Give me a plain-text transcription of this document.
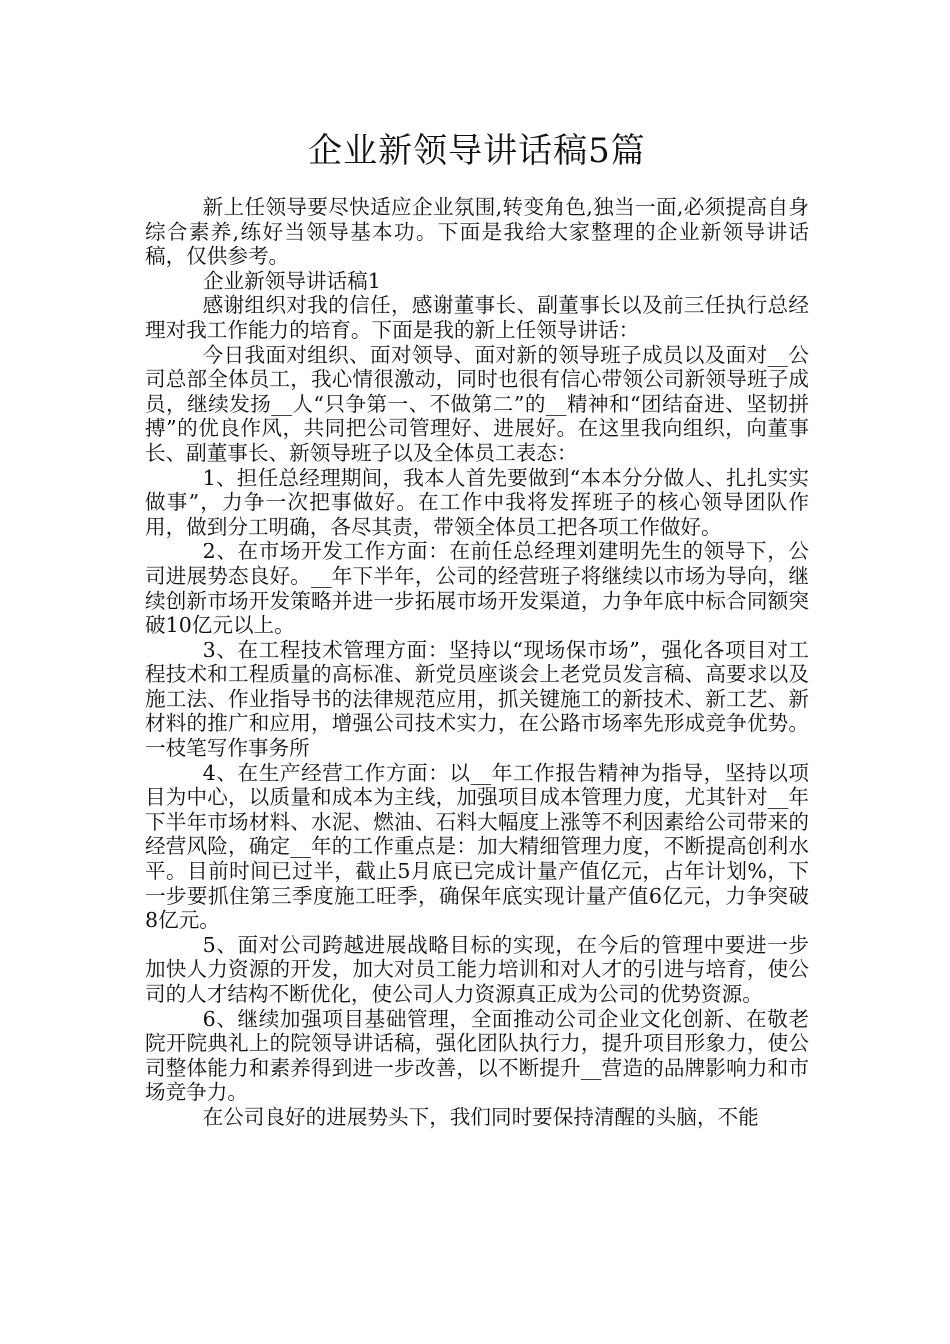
企业新领导讲话稿5篇

新上任领导要尽快适应企业氛围,转变角色,独当一面,必须提高自身综合素养,练好当领导基本功。下面是我给大家整理的企业新领导讲话稿，仅供参考。

企业新领导讲话稿1

感谢组织对我的信任，感谢董事长、副董事长以及前三任执行总经理对我工作能力的培育。下面是我的新上任领导讲话：

今日我面对组织、面对领导、面对新的领导班子成员以及面对__公司总部全体员工，我心情很激动，同时也很有信心带领公司新领导班子成员，继续发扬__人“只争第一、不做第二”的__精神和“团结奋进、坚韧拼搏”的优良作风，共同把公司管理好、进展好。在这里我向组织，向董事长、副董事长、新领导班子以及全体员工表态：

1、担任总经理期间，我本人首先要做到“本本分分做人、扎扎实实做事”，力争一次把事做好。在工作中我将发挥班子的核心领导团队作用，做到分工明确，各尽其责，带领全体员工把各项工作做好。

2、在市场开发工作方面：在前任总经理刘建明先生的领导下，公司进展势态良好。__年下半年，公司的经营班子将继续以市场为导向，继续创新市场开发策略并进一步拓展市场开发渠道，力争年底中标合同额突破10亿元以上。

3、在工程技术管理方面：坚持以“现场保市场”，强化各项目对工程技术和工程质量的高标准、新党员座谈会上老党员发言稿、高要求以及施工法、作业指导书的法律规范应用，抓关键施工的新技术、新工艺、新材料的推广和应用，增强公司技术实力，在公路市场率先形成竞争优势。一枝笔写作事务所

4、在生产经营工作方面：以__年工作报告精神为指导，坚持以项目为中心，以质量和成本为主线，加强项目成本管理力度，尤其针对__年下半年市场材料、水泥、燃油、石料大幅度上涨等不利因素给公司带来的经营风险，确定__年的工作重点是：加大精细管理力度，不断提高创利水平。目前时间已过半，截止5月底已完成计量产值亿元，占年计划%，下一步要抓住第三季度施工旺季，确保年底实现计量产值6亿元，力争突破8亿元。

5、面对公司跨越进展战略目标的实现，在今后的管理中要进一步加快人力资源的开发，加大对员工能力培训和对人才的引进与培育，使公司的人才结构不断优化，使公司人力资源真正成为公司的优势资源。

6、继续加强项目基础管理，全面推动公司企业文化创新、在敬老院开院典礼上的院领导讲话稿，强化团队执行力，提升项目形象力，使公司整体能力和素养得到进一步改善，以不断提升__营造的品牌影响力和市场竞争力。

在公司良好的进展势头下，我们同时要保持清醒的头脑，不能
